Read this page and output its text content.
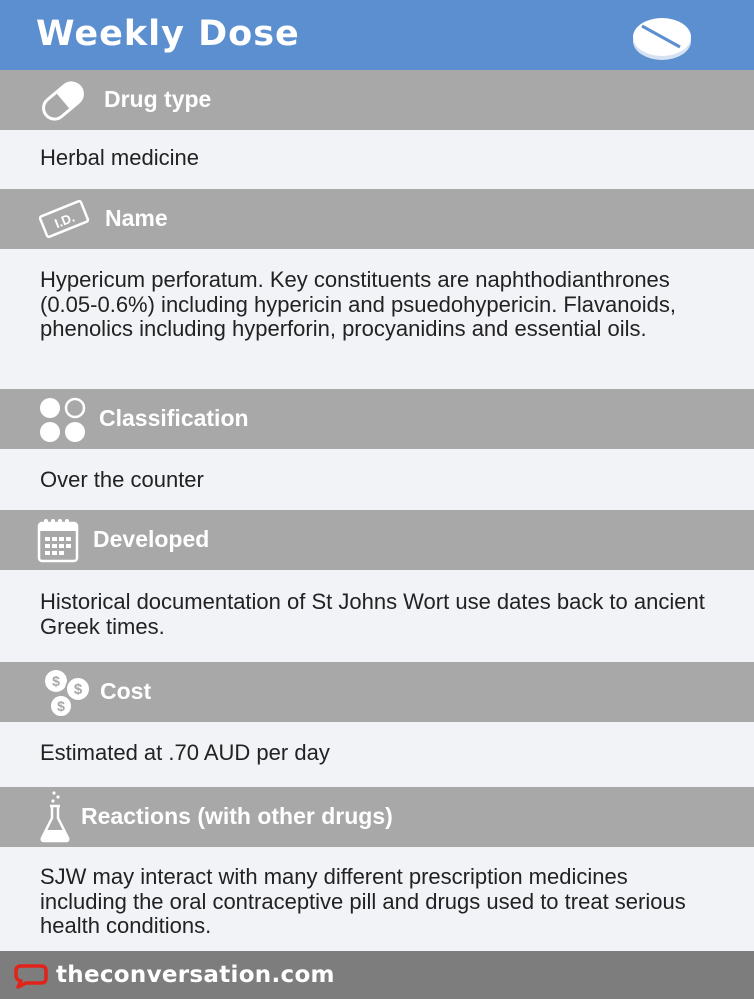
Weekly Dose
Drug type
Herbal medicine
I.D. Name
Hypericum perforatum. Key constituents are naphthodianthrones (0.05-0.6%) including hypericin and psuedohypericin. Flavanoids, phenolics including hyperforin, procyanidins and essential oils.
Classification
Over the counter
Developed
Historical documentation of St Johns Wort use dates back to ancient Greek times.
$ $
$
Cost
Estimated at .70 AUD per day
Reactions (with other drugs)
SJW may interact with many different prescription medicines including the oral contraceptive pill and drugs used to treat serious health conditions.
theconversation.com
